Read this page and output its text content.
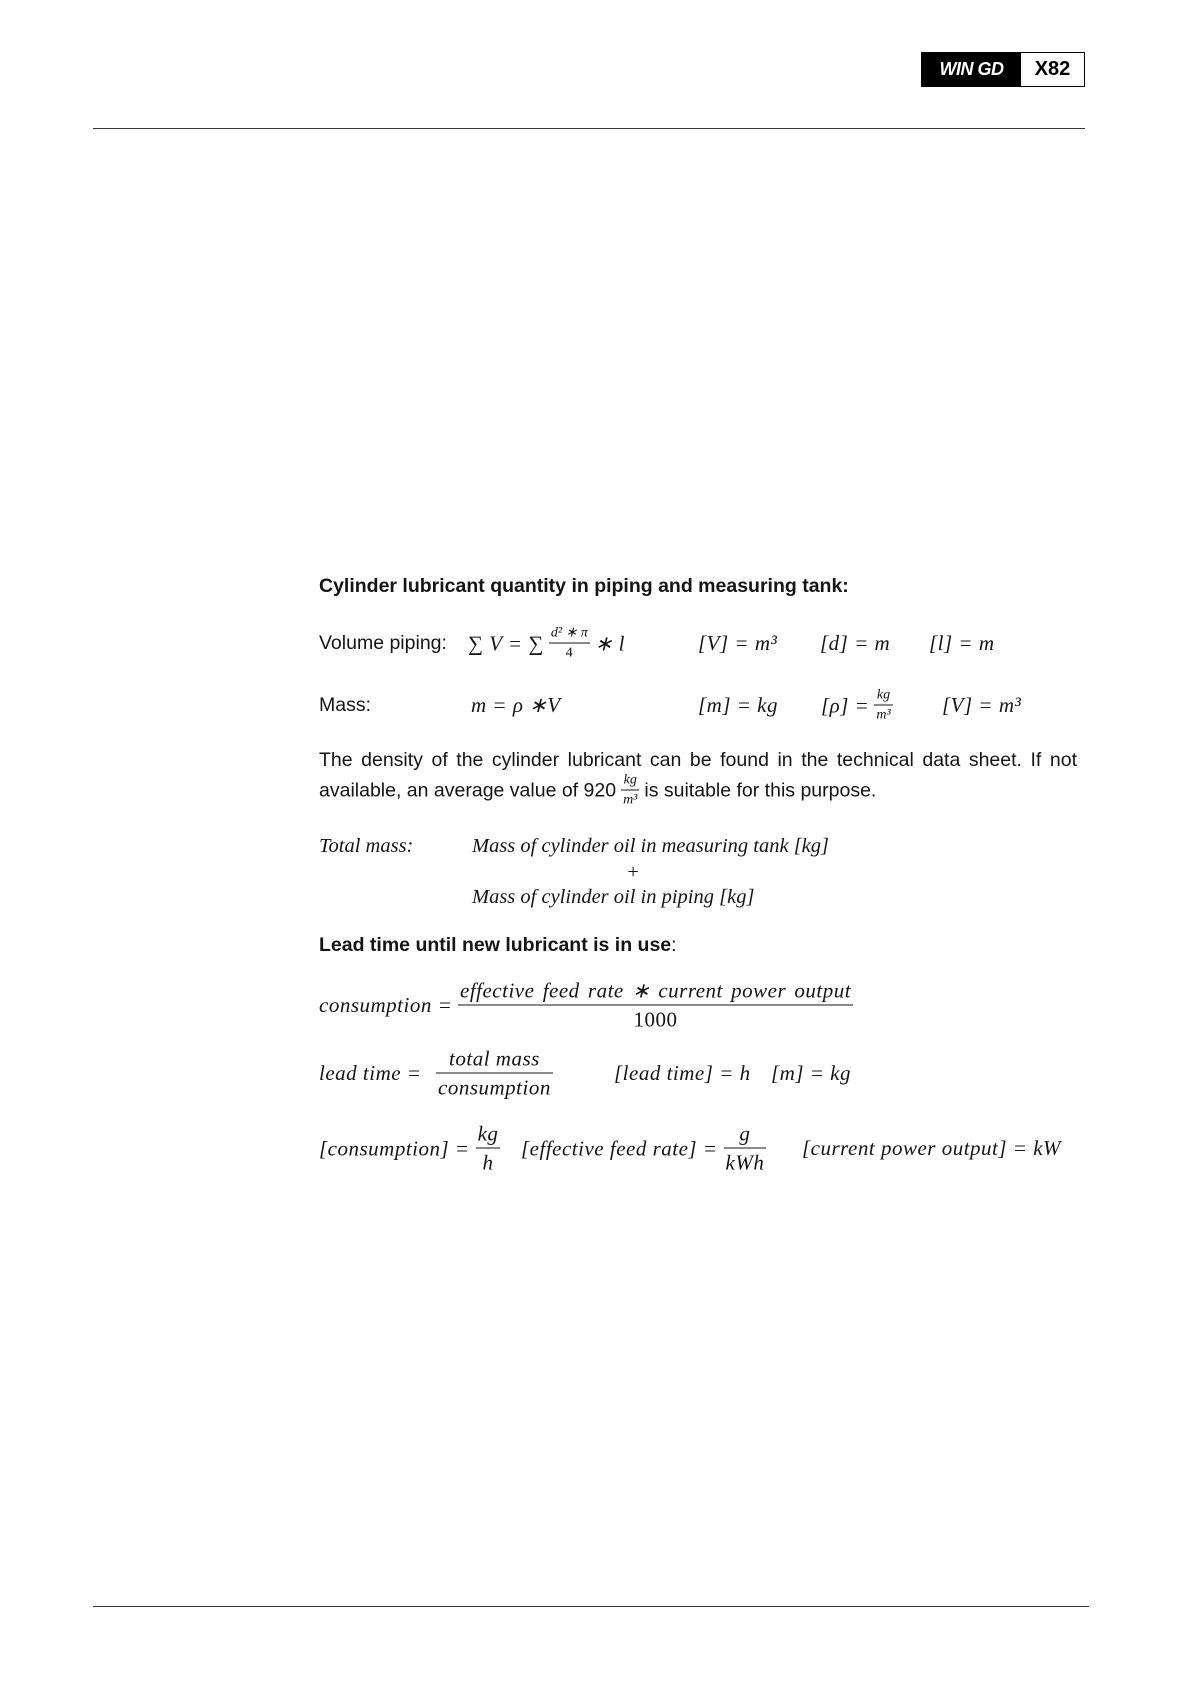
WIN GD X82
Cylinder lubricant quantity in piping and measuring tank:
Volume piping: ∑ V = ∑ $\frac{\text{d² ∗ π}}{4}$ ∗ l	[V] = m³ [d] = m [l] = m
Mass:	m = ρ ∗V	[m] = kg $[\rho] = \frac{kg}{\text{m³}} [V] = m^3$
The density of the cylinder lubricant can be found in the technical data sheet. If not
available, an average value of $920 \frac{kg}{\text{m³}}$ is suitable for this purpose.
Total mass:	Mass of cylinder oil in measuring tank [kg]
+
Mass of cylinder oil in piping [kg]
Lead time until new lubricant is in use :
consumption = $\frac{\text{effective feed rate ∗ current power output}}{1000}$
lead time = $\frac{\text{total mass}}{\text{consumption}}$	[lead time] = h [m] = kg
[consumption] = $\frac{kg}{h}$ [effective feed rate] = $\frac{g}{\text{kWh}}$ [current power output] = kW
